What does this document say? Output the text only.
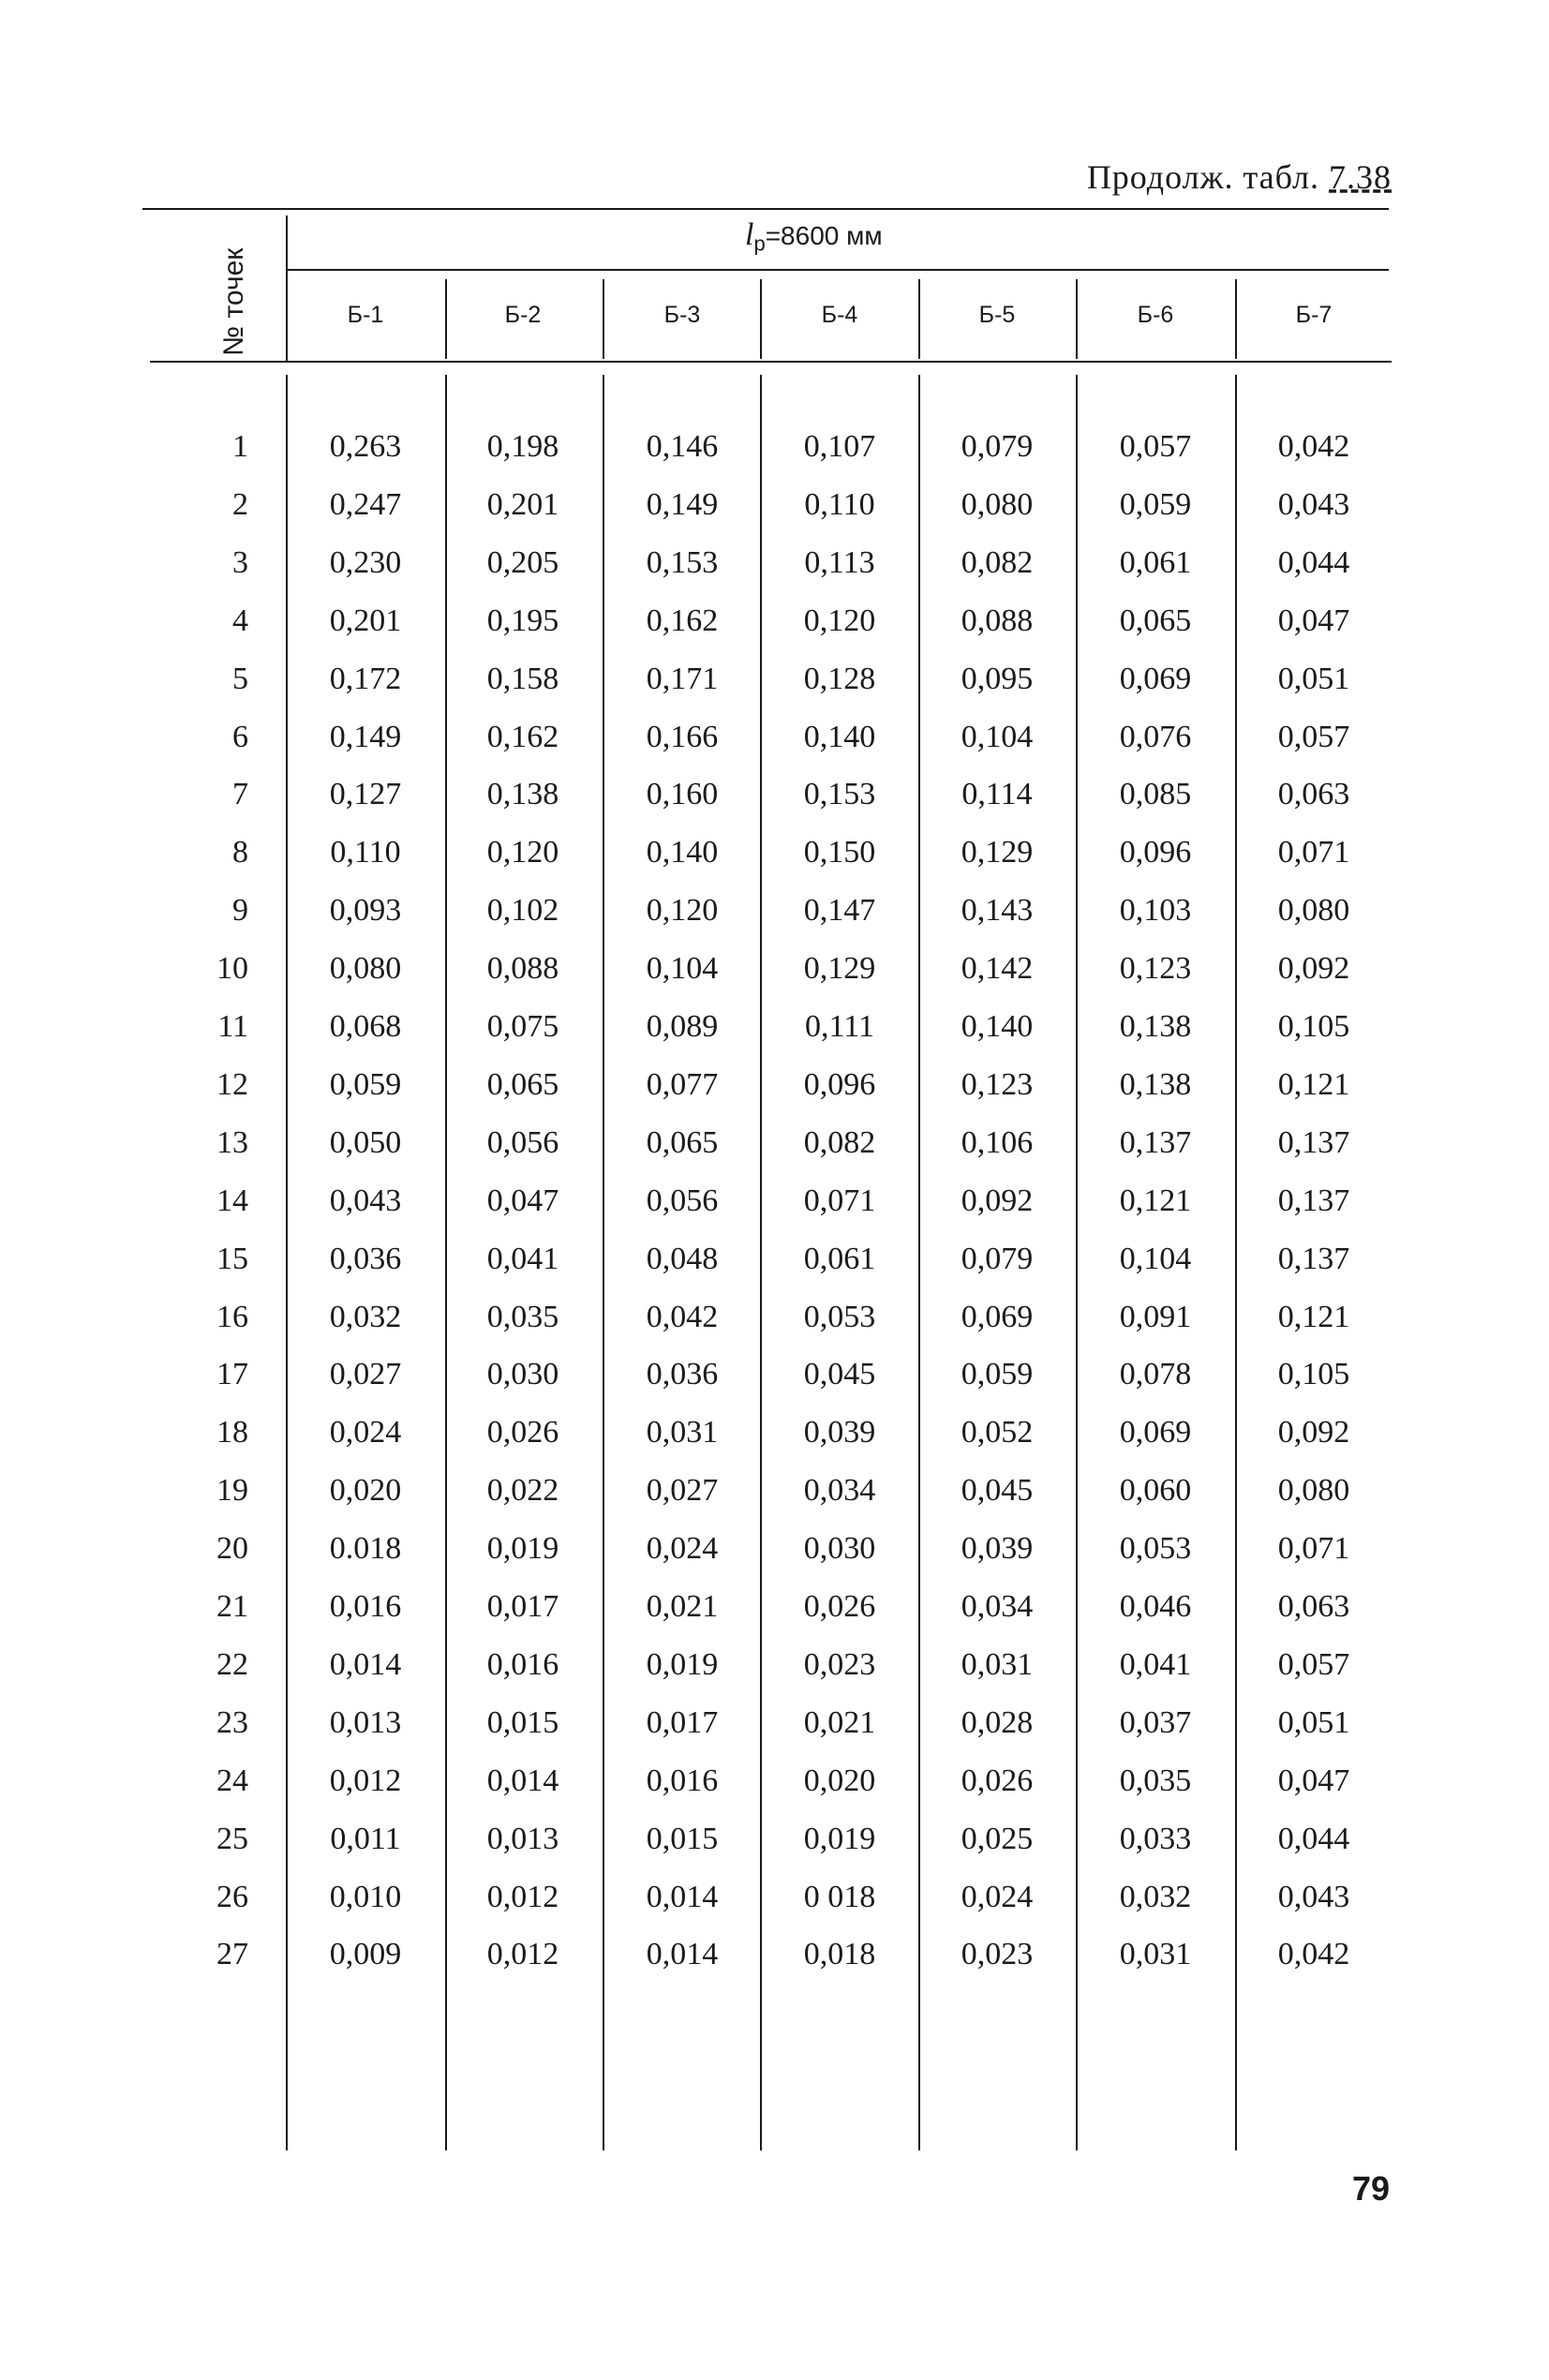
Продолж. табл. 7.38
№ точек
$l_р=8600$ мм
Б-1	Б-2	Б-3	Б-4	Б-5	Б-6	Б-7
1	0,263	0,198	0,146	0,107	0,079	0,057	0,042
2	0,247	0,201	0,149	0,110	0,080	0,059	0,043
3	0,230	0,205	0,153	0,113	0,082	0,061	0,044
4	0,201	0,195	0,162	0,120	0,088	0,065	0,047
5	0,172	0,158	0,171	0,128	0,095	0,069	0,051
6	0,149	0,162	0,166	0,140	0,104	0,076	0,057
7	0,127	0,138	0,160	0,153	0,114	0,085	0,063
8	0,110	0,120	0,140	0,150	0,129	0,096	0,071
9	0,093	0,102	0,120	0,147	0,143	0,103	0,080
10	0,080	0,088	0,104	0,129	0,142	0,123	0,092
11	0,068	0,075	0,089	0,111	0,140	0,138	0,105
12	0,059	0,065	0,077	0,096	0,123	0,138	0,121
13	0,050	0,056	0,065	0,082	0,106	0,137	0,137
14	0,043	0,047	0,056	0,071	0,092	0,121	0,137
15	0,036	0,041	0,048	0,061	0,079	0,104	0,137
16	0,032	0,035	0,042	0,053	0,069	0,091	0,121
17	0,027	0,030	0,036	0,045	0,059	0,078	0,105
18	0,024	0,026	0,031	0,039	0,052	0,069	0,092
19	0,020	0,022	0,027	0,034	0,045	0,060	0,080
20	0.018	0,019	0,024	0,030	0,039	0,053	0,071
21	0,016	0,017	0,021	0,026	0,034	0,046	0,063
22	0,014	0,016	0,019	0,023	0,031	0,041	0,057
23	0,013	0,015	0,017	0,021	0,028	0,037	0,051
24	0,012	0,014	0,016	0,020	0,026	0,035	0,047
25	0,011	0,013	0,015	0,019	0,025	0,033	0,044
26	0,010	0,012	0,014	0 018	0,024	0,032	0,043
27	0,009	0,012	0,014	0,018	0,023	0,031	0,042
79
